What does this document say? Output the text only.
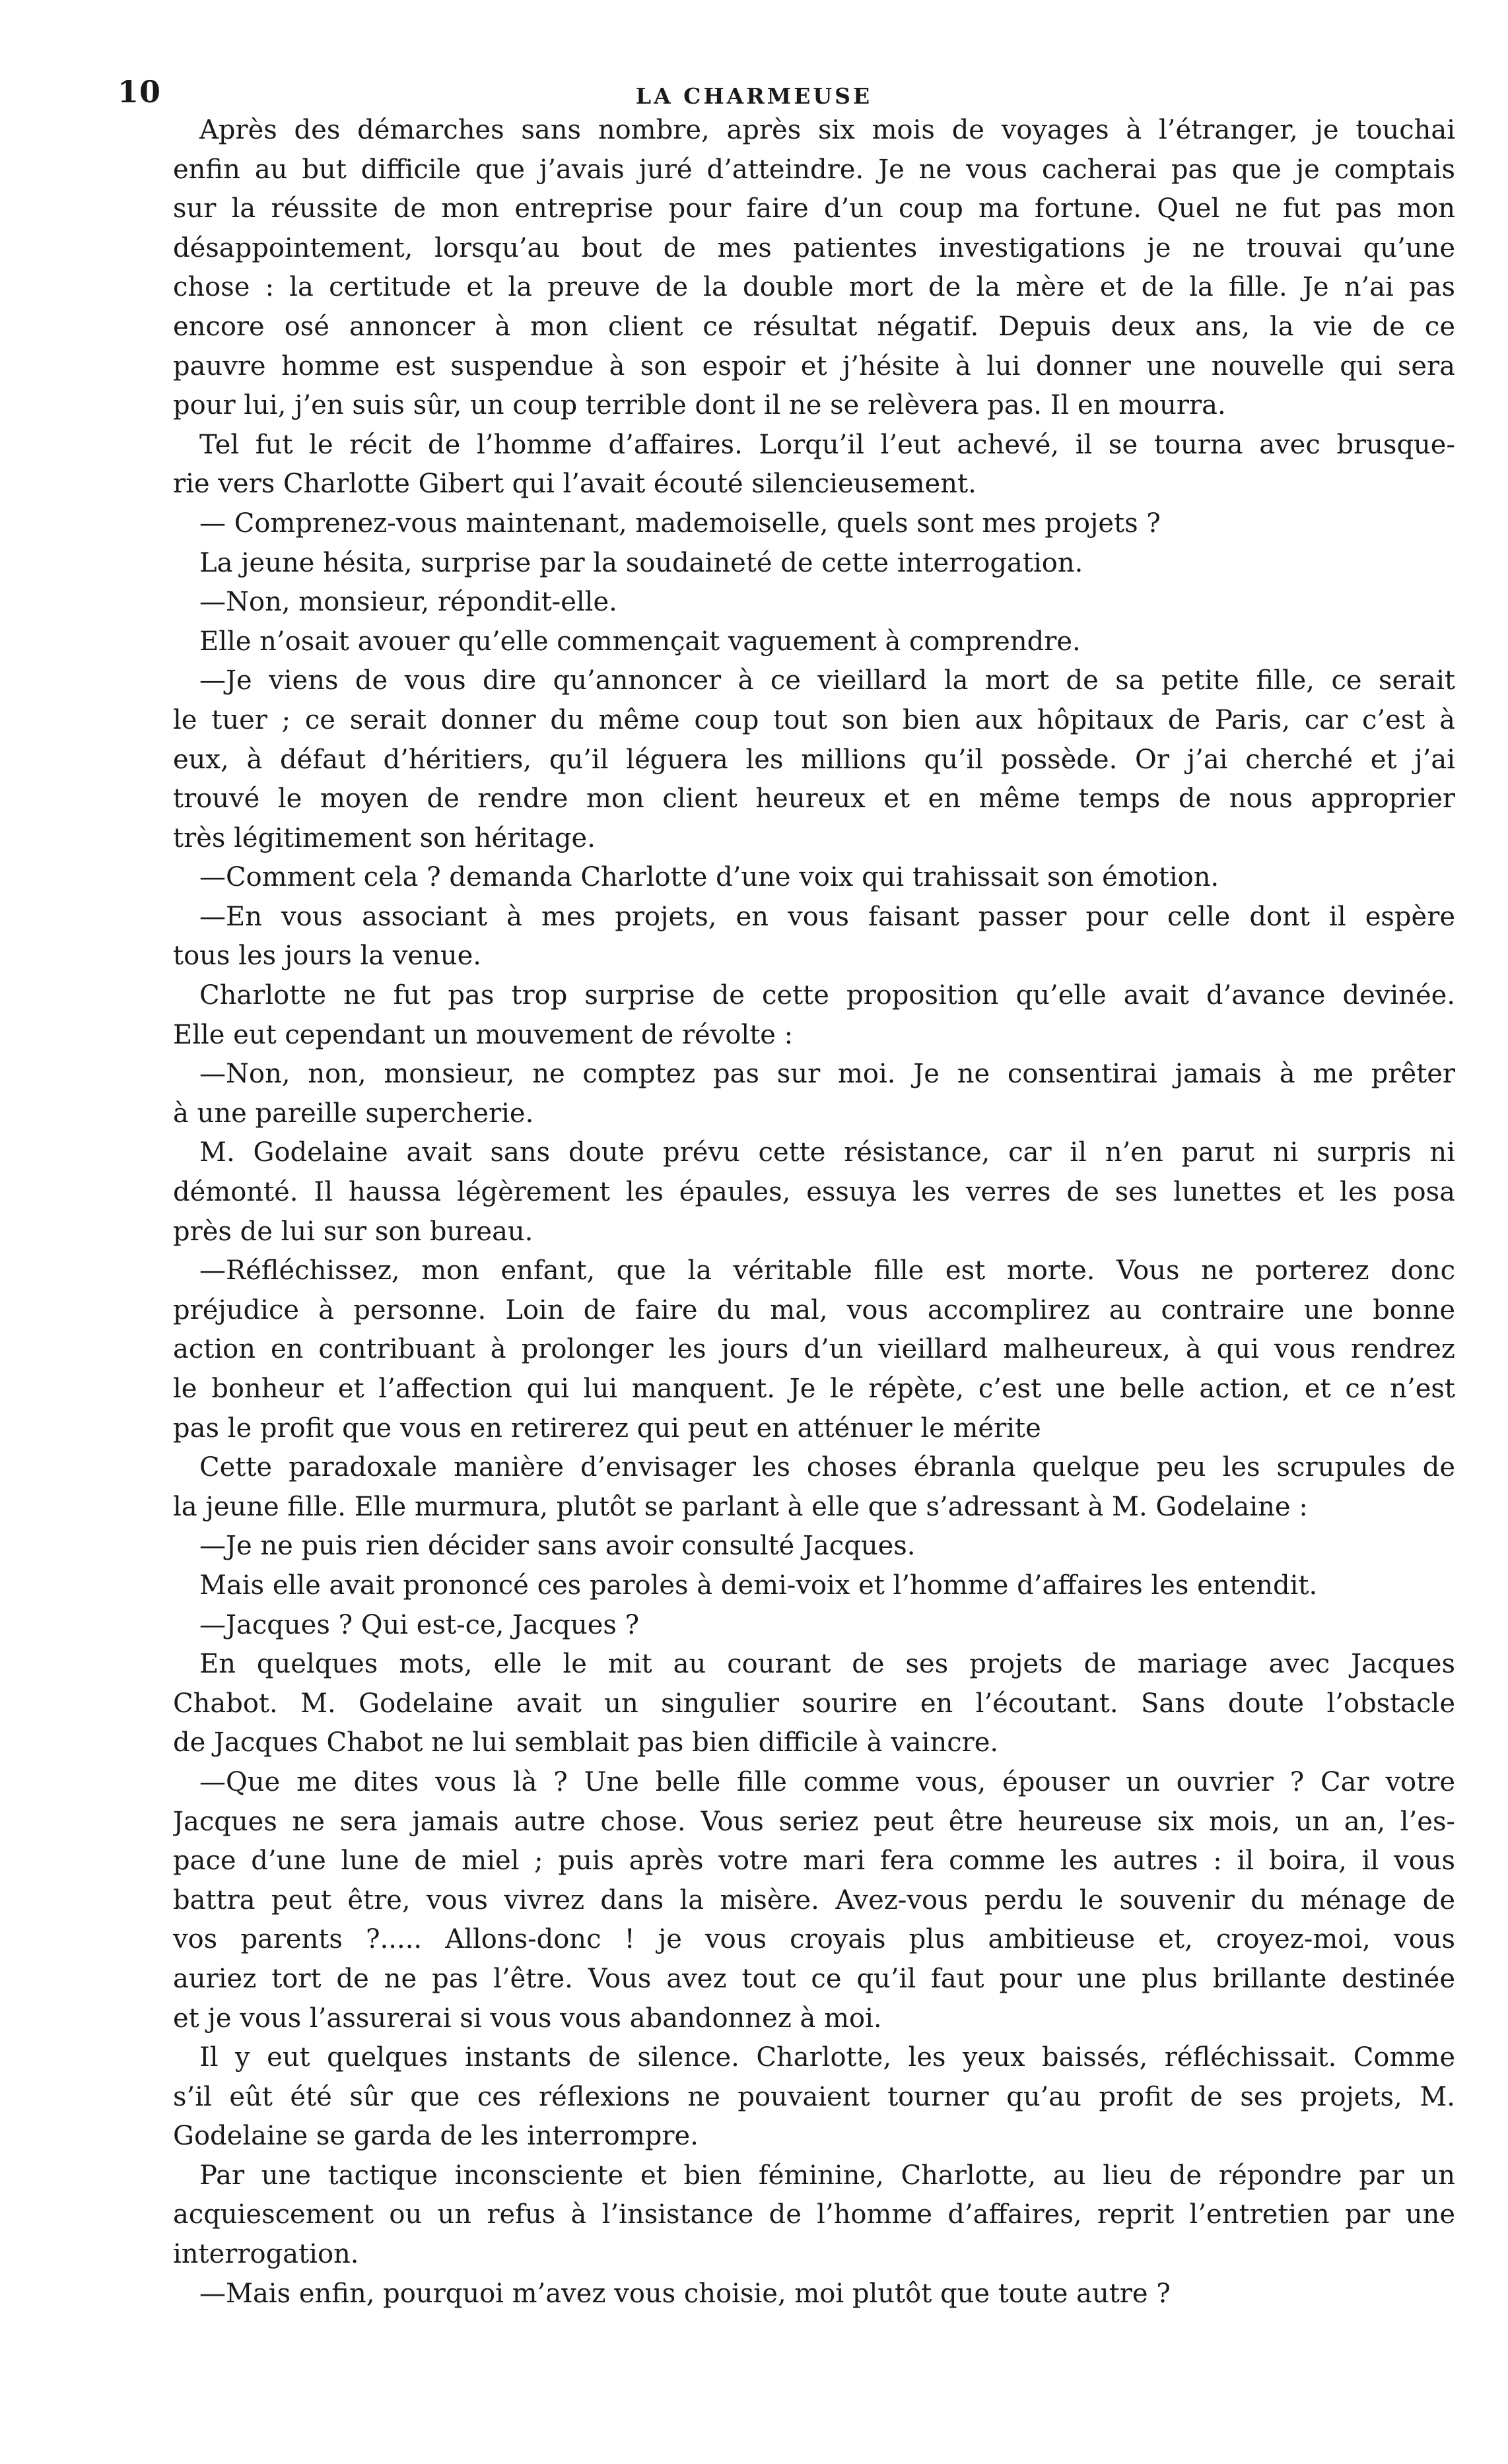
10	LA CHARMEUSE
Après des démarches sans nombre, après six mois de voyages à l’étranger, je touchai
enfin au but difficile que j’avais juré d’atteindre. Je ne vous cacherai pas que je comptais
sur la réussite de mon entreprise pour faire d’un coup ma fortune. Quel ne fut pas mon
désappointement, lorsqu’au bout de mes patientes investigations je ne trouvai qu’une
chose : la certitude et la preuve de la double mort de la mère et de la fille. Je n’ai pas
encore osé annoncer à mon client ce résultat négatif. Depuis deux ans, la vie de ce
pauvre homme est suspendue à son espoir et j’hésite à lui donner une nouvelle qui sera
pour lui, j’en suis sûr, un coup terrible dont il ne se relèvera pas. Il en mourra.
Tel fut le récit de l’homme d’affaires. Lorqu’il l’eut achevé, il se tourna avec brusque-
rie vers Charlotte Gibert qui l’avait écouté silencieusement.
— Comprenez-vous maintenant, mademoiselle, quels sont mes projets ?
La jeune hésita, surprise par la soudaineté de cette interrogation.
—Non, monsieur, répondit-elle.
Elle n’osait avouer qu’elle commençait vaguement à comprendre.
—Je viens de vous dire qu’annoncer à ce vieillard la mort de sa petite fille, ce serait
le tuer ; ce serait donner du même coup tout son bien aux hôpitaux de Paris, car c’est à
eux, à défaut d’héritiers, qu’il léguera les millions qu’il possède. Or j’ai cherché et j’ai
trouvé le moyen de rendre mon client heureux et en même temps de nous approprier
très légitimement son héritage.
—Comment cela ? demanda Charlotte d’une voix qui trahissait son émotion.
—En vous associant à mes projets, en vous faisant passer pour celle dont il espère
tous les jours la venue.
Charlotte ne fut pas trop surprise de cette proposition qu’elle avait d’avance devinée.
Elle eut cependant un mouvement de révolte :
—Non, non, monsieur, ne comptez pas sur moi. Je ne consentirai jamais à me prêter
à une pareille supercherie.
M. Godelaine avait sans doute prévu cette résistance, car il n’en parut ni surpris ni
démonté. Il haussa légèrement les épaules, essuya les verres de ses lunettes et les posa
près de lui sur son bureau.
—Réfléchissez, mon enfant, que la véritable fille est morte. Vous ne porterez donc
préjudice à personne. Loin de faire du mal, vous accomplirez au contraire une bonne
action en contribuant à prolonger les jours d’un vieillard malheureux, à qui vous rendrez
le bonheur et l’affection qui lui manquent. Je le répète, c’est une belle action, et ce n’est
pas le profit que vous en retirerez qui peut en atténuer le mérite
Cette paradoxale manière d’envisager les choses ébranla quelque peu les scrupules de
la jeune fille. Elle murmura, plutôt se parlant à elle que s’adressant à M. Godelaine :
—Je ne puis rien décider sans avoir consulté Jacques.
Mais elle avait prononcé ces paroles à demi-voix et l’homme d’affaires les entendit.
—Jacques ? Qui est-ce, Jacques ?
En quelques mots, elle le mit au courant de ses projets de mariage avec Jacques
Chabot. M. Godelaine avait un singulier sourire en l’écoutant. Sans doute l’obstacle
de Jacques Chabot ne lui semblait pas bien difficile à vaincre.
—Que me dites vous là ? Une belle fille comme vous, épouser un ouvrier ? Car votre
Jacques ne sera jamais autre chose. Vous seriez peut être heureuse six mois, un an, l’es-
pace d’une lune de miel ; puis après votre mari fera comme les autres : il boira, il vous
battra peut être, vous vivrez dans la misère. Avez-vous perdu le souvenir du ménage de
vos parents ?..... Allons-donc ! je vous croyais plus ambitieuse et, croyez-moi, vous
auriez tort de ne pas l’être. Vous avez tout ce qu’il faut pour une plus brillante destinée
et je vous l’assurerai si vous vous abandonnez à moi.
Il y eut quelques instants de silence. Charlotte, les yeux baissés, réfléchissait. Comme
s’il eût été sûr que ces réflexions ne pouvaient tourner qu’au profit de ses projets, M.
Godelaine se garda de les interrompre.
Par une tactique inconsciente et bien féminine, Charlotte, au lieu de répondre par un
acquiescement ou un refus à l’insistance de l’homme d’affaires, reprit l’entretien par une
interrogation.
—Mais enfin, pourquoi m’avez vous choisie, moi plutôt que toute autre ?
